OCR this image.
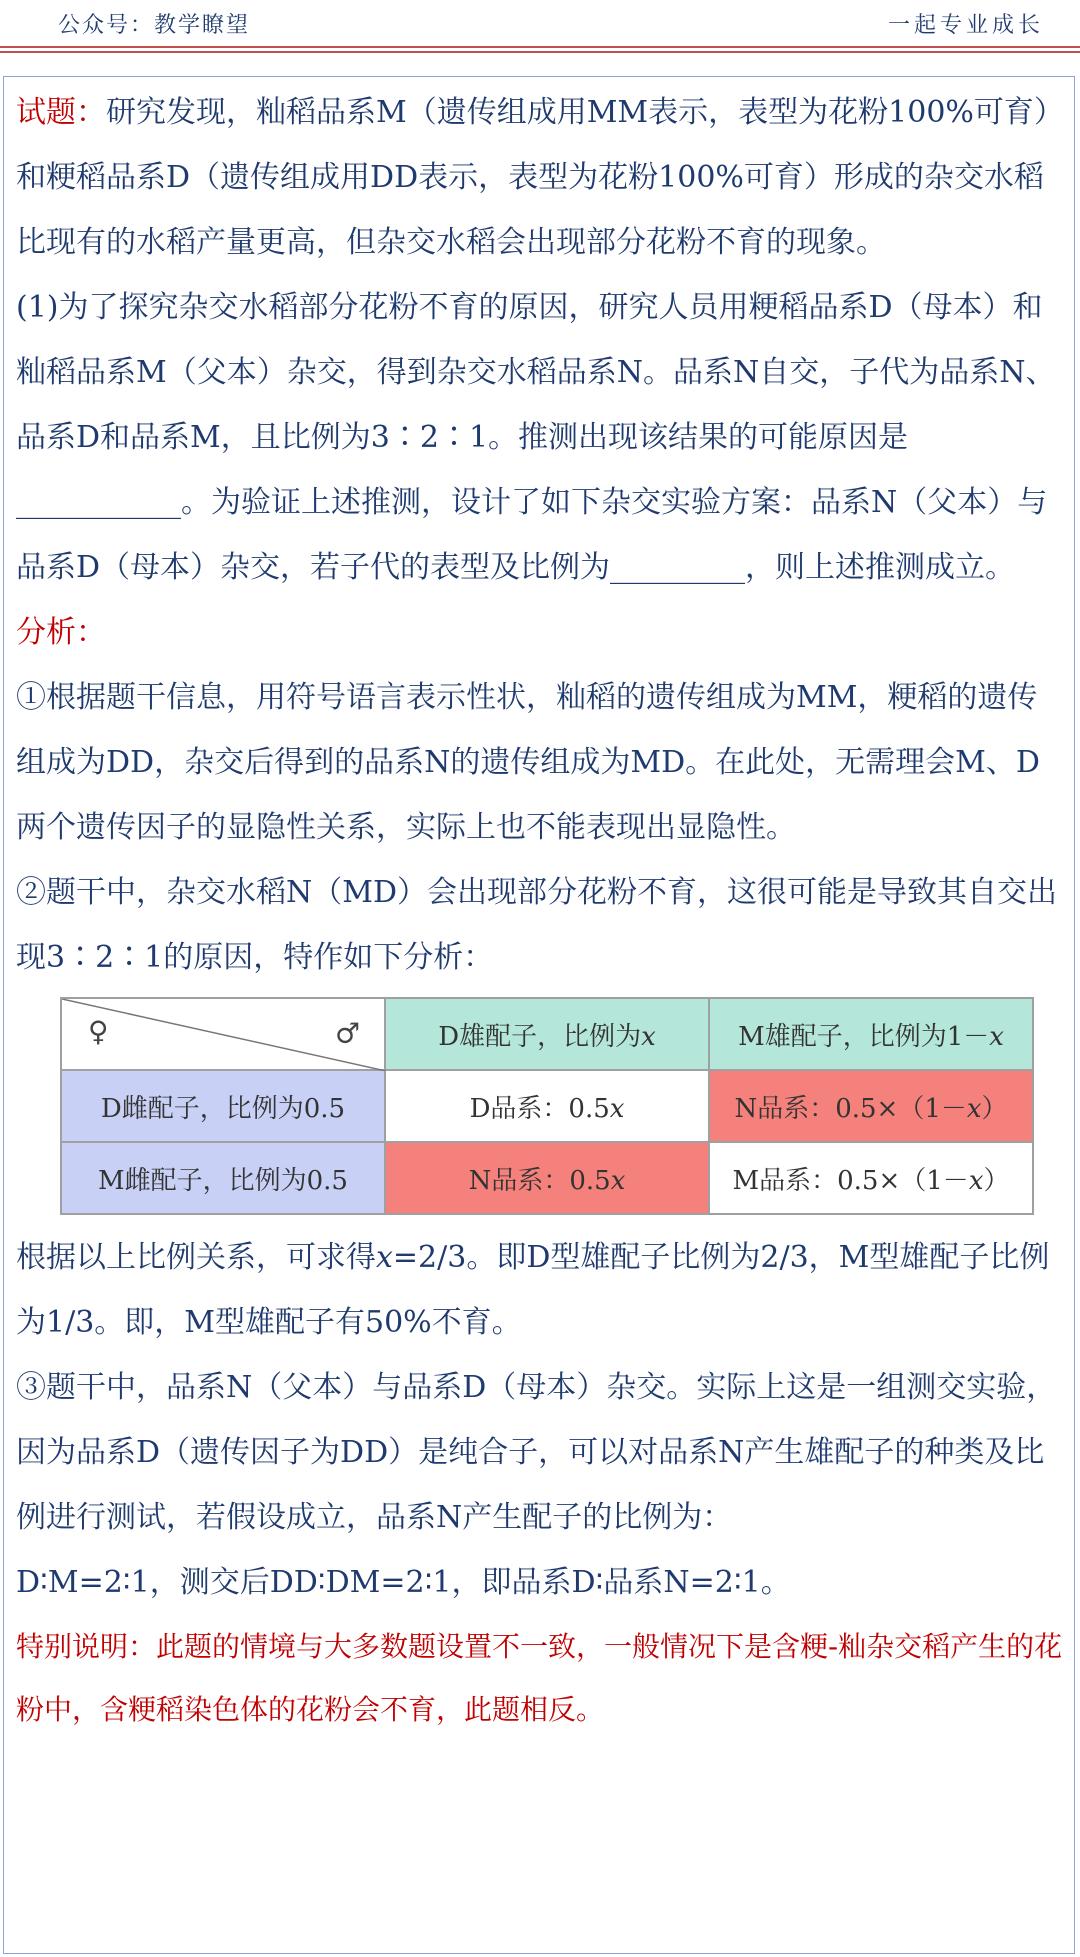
公众号：教学瞭望	一起专业成长

试题：研究发现，籼稻品系M（遗传组成用MM表示，表型为花粉100%可育）和粳稻品系D（遗传组成用DD表示，表型为花粉100%可育）形成的杂交水稻比现有的水稻产量更高，但杂交水稻会出现部分花粉不育的现象。

(1)为了探究杂交水稻部分花粉不育的原因，研究人员用粳稻品系D（母本）和籼稻品系M（父本）杂交，得到杂交水稻品系N。品系N自交，子代为品系N、品系D和品系M，且比例为3∶2∶1。推测出现该结果的可能原因是___________。为验证上述推测，设计了如下杂交实验方案：品系N（父本）与品系D（母本）杂交，若子代的表型及比例为_________，则上述推测成立。

分析：

①根据题干信息，用符号语言表示性状，籼稻的遗传组成为MM，粳稻的遗传组成为DD，杂交后得到的品系N的遗传组成为MD。在此处，无需理会M、D两个遗传因子的显隐性关系，实际上也不能表现出显隐性。

②题干中，杂交水稻N（MD）会出现部分花粉不育，这很可能是导致其自交出现3∶2∶1的原因，特作如下分析：

♀ ♂	D雄配子，比例为x	M雄配子，比例为1－x
D雌配子，比例为0.5	D品系：0.5x	N品系：0.5×（1－x）
M雌配子，比例为0.5	N品系：0.5x	M品系：0.5×（1－x）

根据以上比例关系，可求得x=2/3。即D型雄配子比例为2/3，M型雄配子比例为1/3。即，M型雄配子有50%不育。

③题干中，品系N（父本）与品系D（母本）杂交。实际上这是一组测交实验，因为品系D（遗传因子为DD）是纯合子，可以对品系N产生雄配子的种类及比例进行测试，若假设成立，品系N产生配子的比例为：

D∶M=2∶1，测交后DD∶DM=2∶1，即品系D∶品系N=2∶1。

特别说明：此题的情境与大多数题设置不一致，一般情况下是含粳-籼杂交稻产生的花粉中，含粳稻染色体的花粉会不育，此题相反。
